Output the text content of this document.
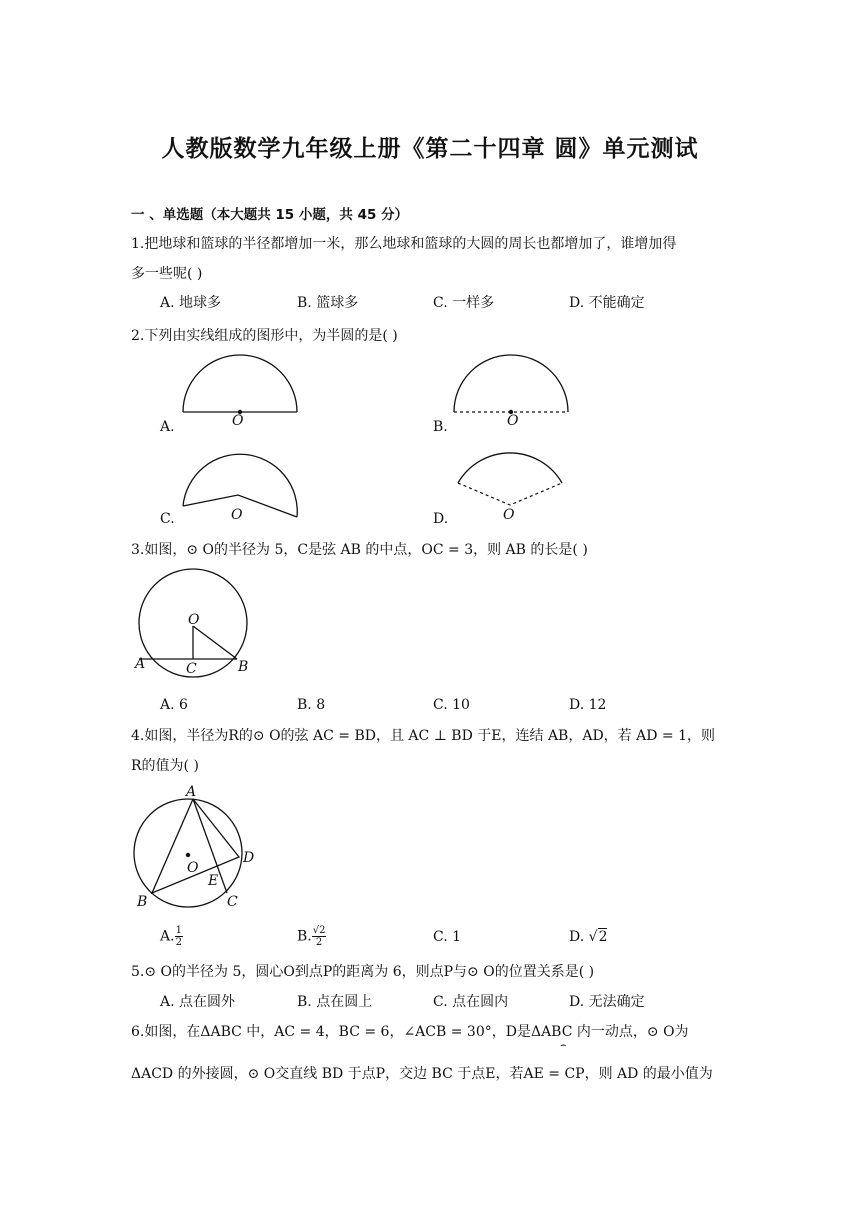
人教版数学九年级上册《第二十四章 圆》单元测试
一 、单选题（本大题共 15 小题，共 45 分）
1.把地球和篮球的半径都增加一米，那么地球和篮球的大圆的周长也都增加了，谁增加得
多一些呢( )
A. 地球多	B. 篮球多	C. 一样多	D. 不能确定
2.下列由实线组成的图形中，为半圆的是( )
O
A.	O
B.
O
C.	O
D.
3.如图，⊙ O的半径为 5，C是弦 AB 的中点，OC = 3，则 AB 的长是( )
O
A	C	B
A. 6	B. 8	C. 10	D. 12
4.如图，半径为R的⊙ O的弦 AC = BD，且 AC ⊥ BD 于E，连结 AB，AD，若 AD = 1，则
R的值为( )
A
O
D
E
B	C
A. $\frac{1}{2}$	B. $\frac{√2}{2}$	C. 1	D. √2
5.⊙ O的半径为 5，圆心O到点P的距离为 6，则点P与⊙ O的位置关系是( )
A. 点在圆外	B. 点在圆上	C. 点在圆内	D. 无法确定
6.如图，在ΔABC 中，AC = 4，BC = 6，∠ACB = 30°，D是ΔABC 内一动点，⊙ O为
⌢
ΔACD 的外接圆，⊙ O交直线 BD 于点P，交边 BC 于点E，若AE = CP，则 AD 的最小值为
